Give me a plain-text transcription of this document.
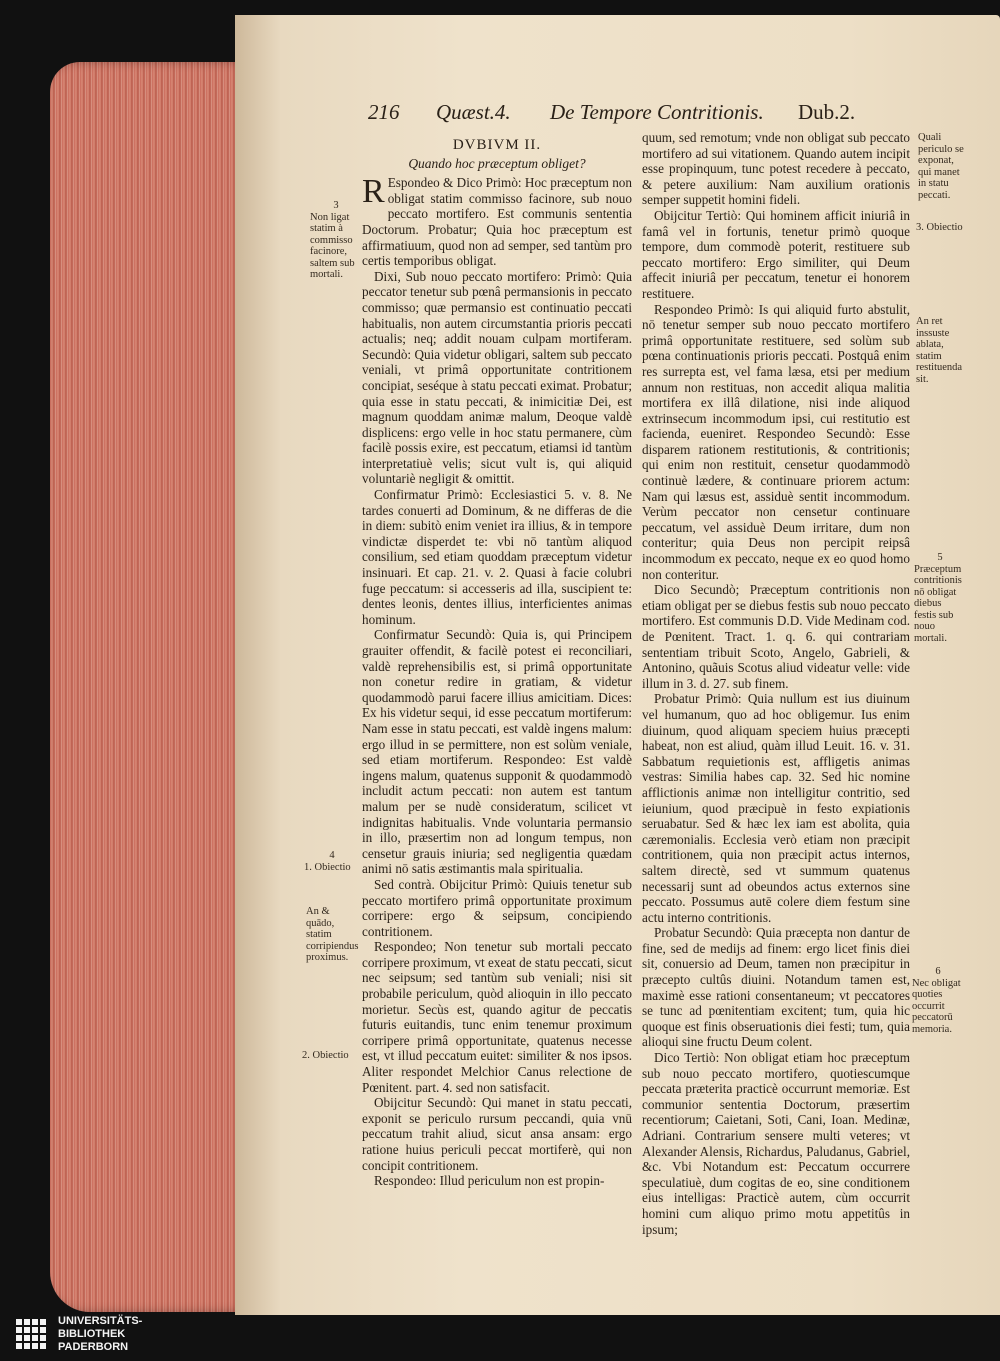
216 Quæst.4. De Tempore Contritionis. Dub.2.

DVBIVM II.

Quando hoc præceptum obliget?

R Espondeo & Dico Primò: Hoc præceptum non obligat statim commisso facinore, sub nouo peccato mortifero. Est communis sententia Doctorum. Probatur; Quia hoc præceptum est affirmatiuum, quod non ad semper, sed tantùm pro certis temporibus obligat.

Dixi, Sub nouo peccato mortifero: Primò: Quia peccator tenetur sub pœnâ permansionis in peccato commisso; quæ permansio est continuatio peccati habitualis, non autem circumstantia prioris peccati actualis; neq; addit nouam culpam mortiferam. Secundò: Quia videtur obligari, saltem sub peccato veniali, vt primâ opportunitate contritionem concipiat, seséque à statu peccati eximat. Probatur; quia esse in statu peccati, & inimicitiæ Dei, est magnum quoddam animæ malum, Deoque valdè displicens: ergo velle in hoc statu permanere, cùm facilè possis exire, est peccatum, etiamsi id tantùm interpretatiuè velis; sicut vult is, qui aliquid voluntariè negligit & omittit.

Confirmatur Primò: Ecclesiastici 5. v. 8. Ne tardes conuerti ad Dominum, & ne differas de die in diem: subitò enim veniet ira illius, & in tempore vindictæ disperdet te: vbi nō tantùm aliquod consilium, sed etiam quoddam præceptum videtur insinuari. Et cap. 21. v. 2. Quasi à facie colubri fuge peccatum: si accesseris ad illa, suscipient te: dentes leonis, dentes illius, interficientes animas hominum.

Confirmatur Secundò: Quia is, qui Principem grauiter offendit, & facilè potest ei reconciliari, valdè reprehensibilis est, si primâ opportunitate non conetur redire in gratiam, & videtur quodammodò parui facere illius amicitiam. Dices: Ex his videtur sequi, id esse peccatum mortiferum: Nam esse in statu peccati, est valdè ingens malum: ergo illud in se permittere, non est solùm veniale, sed etiam mortiferum. Respondeo: Est valdè ingens malum, quatenus supponit & quodammodò includit actum peccati: non autem est tantum malum per se nudè consideratum, scilicet vt indignitas habitualis. Vnde voluntaria permansio in illo, præsertim non ad longum tempus, non censetur grauis iniuria; sed negligentia quædam animi nō satis æstimantis mala spiritualia.

Sed contrà. Obijcitur Primò: Quiuis tenetur sub peccato mortifero primâ opportunitate proximum corripere: ergo & seipsum, concipiendo contritionem.

Respondeo; Non tenetur sub mortali peccato corripere proximum, vt exeat de statu peccati, sicut nec seipsum; sed tantùm sub veniali; nisi sit probabile periculum, quòd alioquin in illo peccato morietur. Secùs est, quando agitur de peccatis futuris euitandis, tunc enim tenemur proximum corripere primâ opportunitate, quatenus necesse est, vt illud peccatum euitet: similiter & nos ipsos. Aliter respondet Melchior Canus relectione de Pœnitent. part. 4. sed non satisfacit.

Obijcitur Secundò: Qui manet in statu peccati, exponit se periculo rursum peccandi, quia vnū peccatum trahit aliud, sicut ansa ansam: ergo ratione huius periculi peccat mortiferè, qui non concipit contritionem.

Respondeo: Illud periculum non est propin-

quum, sed remotum; vnde non obligat sub peccato mortifero ad sui vitationem. Quando autem incipit esse propinquum, tunc potest recedere à peccato, & petere auxilium: Nam auxilium orationis semper suppetit homini fideli.

Obijcitur Tertiò: Qui hominem afficit iniuriâ in famâ vel in fortunis, tenetur primò quoque tempore, dum commodè poterit, restituere sub peccato mortifero: Ergo similiter, qui Deum affecit iniuriâ per peccatum, tenetur ei honorem restituere.

Respondeo Primò: Is qui aliquid furto abstulit, nō tenetur semper sub nouo peccato mortifero primâ opportunitate restituere, sed solùm sub pœna continuationis prioris peccati. Postquâ enim res surrepta est, vel fama læsa, etsi per medium annum non restituas, non accedit aliqua malitia mortifera ex illâ dilatione, nisi inde aliquod extrinsecum incommodum ipsi, cui restitutio est facienda, eueniret. Respondeo Secundò: Esse disparem rationem restitutionis, & contritionis; qui enim non restituit, censetur quodammodò continuè lædere, & continuare priorem actum: Nam qui læsus est, assiduè sentit incommodum. Verùm peccator non censetur continuare peccatum, vel assiduè Deum irritare, dum non conteritur; quia Deus non percipit reipsâ incommodum ex peccato, neque ex eo quod homo non conteritur.

Dico Secundò; Præceptum contritionis non etiam obligat per se diebus festis sub nouo peccato mortifero. Est communis D.D. Vide Medinam cod. de Pœnitent. Tract. 1. q. 6. qui contrariam sententiam tribuit Scoto, Angelo, Gabrieli, & Antonino, quãuis Scotus aliud videatur velle: vide illum in 3. d. 27. sub finem.

Probatur Primò: Quia nullum est ius diuinum vel humanum, quo ad hoc obligemur. Ius enim diuinum, quod aliquam speciem huius præcepti habeat, non est aliud, quàm illud Leuit. 16. v. 31. Sabbatum requietionis est, affligetis animas vestras: Similia habes cap. 32. Sed hic nomine afflictionis animæ non intelligitur contritio, sed ieiunium, quod præcipuè in festo expiationis seruabatur. Sed & hæc lex iam est abolita, quia cæremonialis. Ecclesia verò etiam non præcipit contritionem, quia non præcipit actus internos, saltem directè, sed vt summum quatenus necessarij sunt ad obeundos actus externos sine peccato. Possumus autē colere diem festum sine actu interno contritionis.

Probatur Secundò: Quia præcepta non dantur de fine, sed de medijs ad finem: ergo licet finis diei sit, conuersio ad Deum, tamen non præcipitur in præcepto cultûs diuini. Notandum tamen est, maximè esse rationi consentaneum; vt peccatores se tunc ad pœnitentiam excitent; tum, quia hic quoque est finis obseruationis diei festi; tum, quia alioqui sine fructu Deum colent.

Dico Tertiò: Non obligat etiam hoc præceptum sub nouo peccato mortifero, quotiescumque peccata præterita practicè occurrunt memoriæ. Est communior sententia Doctorum, præsertim recentiorum; Caietani, Soti, Cani, Ioan. Medinæ, Adriani. Contrarium sensere multi veteres; vt Alexander Alensis, Richardus, Paludanus, Gabriel, &c. Vbi Notandum est: Peccatum occurrere speculatiuè, dum cogitas de eo, sine conditionem eius intelligas: Practicè autem, cùm occurrit homini cum aliquo primo motu appetitûs in ipsum;

3
Non ligat statim à commisso facinore, saltem sub mortali.
4
1. Obiectio
An & quādo, statim corripiendus proximus.
2. Obiectio
Quali periculo se exponat, qui manet in statu peccati.
3. Obiectio
An ret inssuste ablata, statim restituenda sit.
5
Præceptum contritionis nō obligat diebus festis sub nouo mortali.
6
Nec obligat quoties occurrit peccatorū memoria.
UNIVERSITÄTS-
BIBLIOTHEK
PADERBORN
